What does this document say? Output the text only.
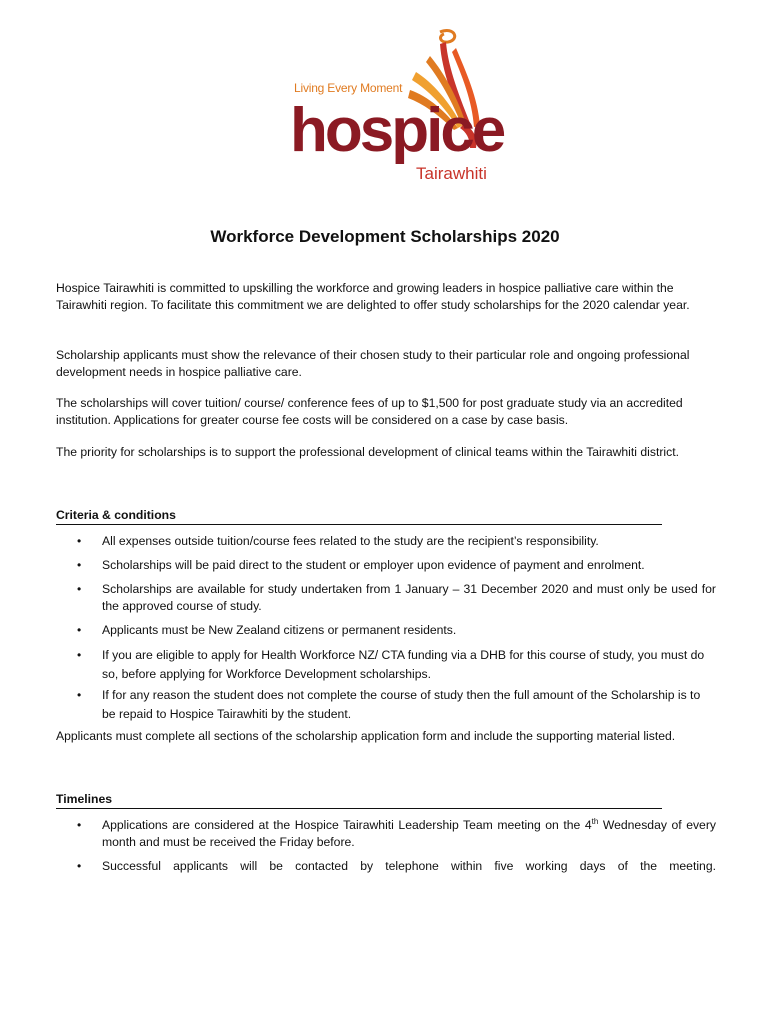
Living Every Moment
hospice
Tairawhiti
Workforce Development Scholarships 2020

Hospice Tairawhiti is committed to upskilling the workforce and growing leaders in hospice palliative care within the Tairawhiti region. To facilitate this commitment we are delighted to offer study scholarships for the 2020 calendar year.

Scholarship applicants must show the relevance of their chosen study to their particular role and ongoing professional development needs in hospice palliative care.

The scholarships will cover tuition/ course/ conference fees of up to $1,500 for post graduate study via an accredited institution. Applications for greater course fee costs will be considered on a case by case basis.

The priority for scholarships is to support the professional development of clinical teams within the Tairawhiti district.

Criteria & conditions
• All expenses outside tuition/course fees related to the study are the recipient’s responsibility.
• Scholarships will be paid direct to the student or employer upon evidence of payment and enrolment.
• Scholarships are available for study undertaken from 1 January – 31 December 2020 and must only be used for the approved course of study.
• Applicants must be New Zealand citizens or permanent residents.
• If you are eligible to apply for Health Workforce NZ/ CTA funding via a DHB for this course of study, you must do so, before applying for Workforce Development scholarships.
• If for any reason the student does not complete the course of study then the full amount of the Scholarship is to be repaid to Hospice Tairawhiti by the student.

Applicants must complete all sections of the scholarship application form and include the supporting material listed.

Timelines
• Applications are considered at the Hospice Tairawhiti Leadership Team meeting on the 4th Wednesday of every month and must be received the Friday before.
• Successful applicants will be contacted by telephone within five working days of the meeting.
